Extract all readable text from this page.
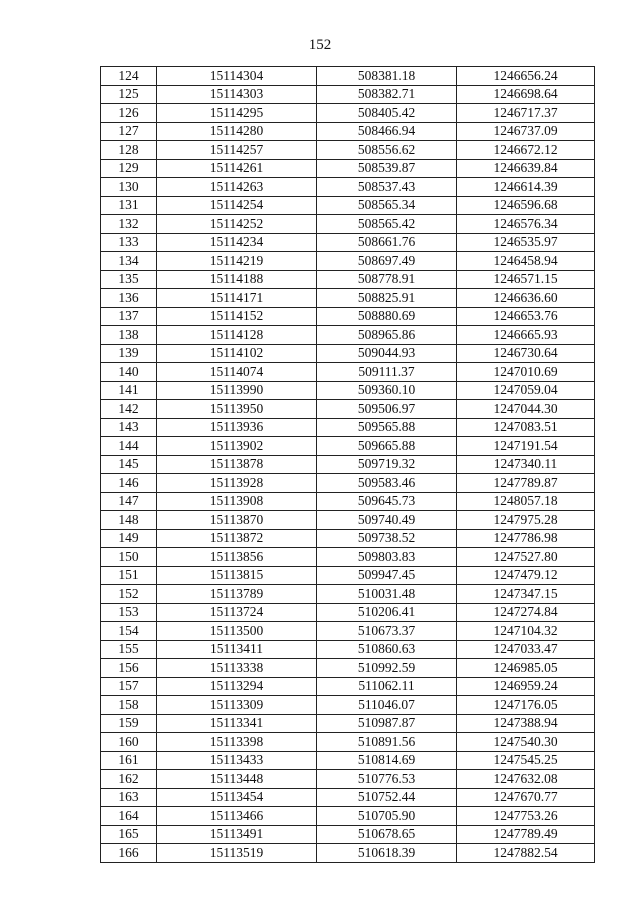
152
124	15114304	508381.18	1246656.24
125	15114303	508382.71	1246698.64
126	15114295	508405.42	1246717.37
127	15114280	508466.94	1246737.09
128	15114257	508556.62	1246672.12
129	15114261	508539.87	1246639.84
130	15114263	508537.43	1246614.39
131	15114254	508565.34	1246596.68
132	15114252	508565.42	1246576.34
133	15114234	508661.76	1246535.97
134	15114219	508697.49	1246458.94
135	15114188	508778.91	1246571.15
136	15114171	508825.91	1246636.60
137	15114152	508880.69	1246653.76
138	15114128	508965.86	1246665.93
139	15114102	509044.93	1246730.64
140	15114074	509111.37	1247010.69
141	15113990	509360.10	1247059.04
142	15113950	509506.97	1247044.30
143	15113936	509565.88	1247083.51
144	15113902	509665.88	1247191.54
145	15113878	509719.32	1247340.11
146	15113928	509583.46	1247789.87
147	15113908	509645.73	1248057.18
148	15113870	509740.49	1247975.28
149	15113872	509738.52	1247786.98
150	15113856	509803.83	1247527.80
151	15113815	509947.45	1247479.12
152	15113789	510031.48	1247347.15
153	15113724	510206.41	1247274.84
154	15113500	510673.37	1247104.32
155	15113411	510860.63	1247033.47
156	15113338	510992.59	1246985.05
157	15113294	511062.11	1246959.24
158	15113309	511046.07	1247176.05
159	15113341	510987.87	1247388.94
160	15113398	510891.56	1247540.30
161	15113433	510814.69	1247545.25
162	15113448	510776.53	1247632.08
163	15113454	510752.44	1247670.77
164	15113466	510705.90	1247753.26
165	15113491	510678.65	1247789.49
166	15113519	510618.39	1247882.54
